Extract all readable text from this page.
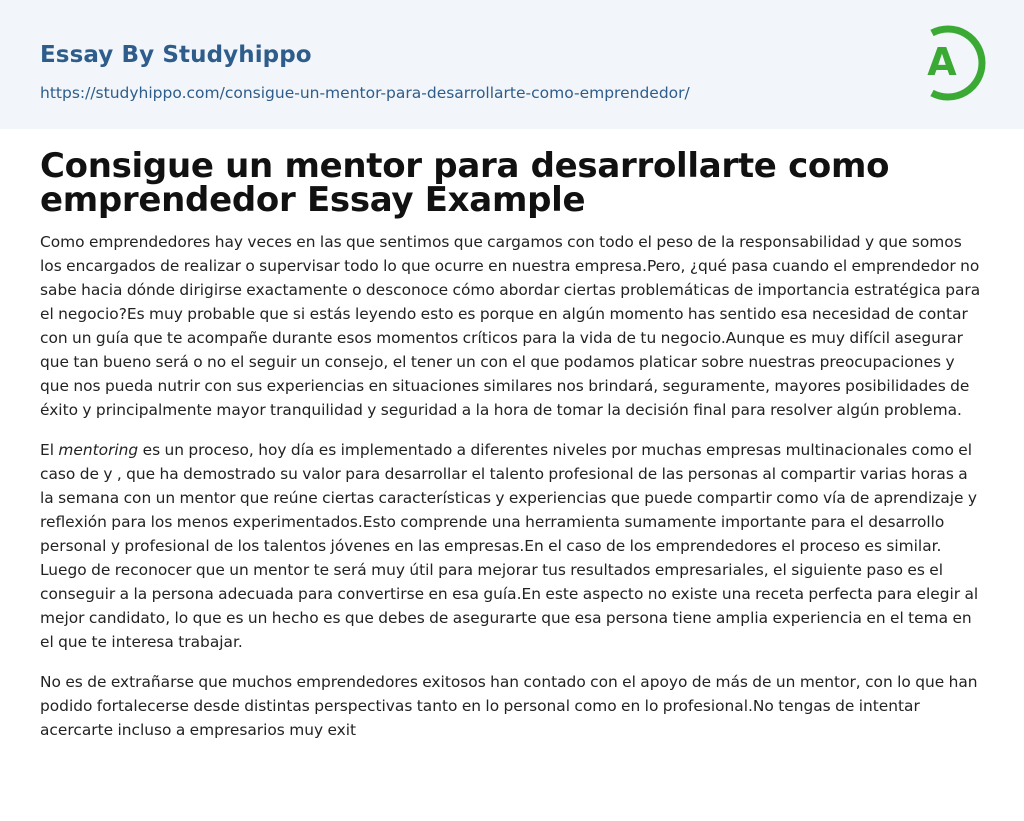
Essay By Studyhippo
https://studyhippo.com/consigue-un-mentor-para-desarrollarte-como-emprendedor/
A
Consigue un mentor para desarrollarte como emprendedor Essay Example

Como emprendedores hay veces en las que sentimos que cargamos con todo el peso de la responsabilidad y que somos los encargados de realizar o supervisar todo lo que ocurre en nuestra empresa.Pero, ¿qué pasa cuando el emprendedor no sabe hacia dónde dirigirse exactamente o desconoce cómo abordar ciertas problemáticas de importancia estratégica para el negocio?Es muy probable que si estás leyendo esto es porque en algún momento has sentido esa necesidad de contar con un guía que te acompañe durante esos momentos críticos para la vida de tu negocio.Aunque es muy difícil asegurar que tan bueno será o no el seguir un consejo, el tener un con el que podamos platicar sobre nuestras preocupaciones y que nos pueda nutrir con sus experiencias en situaciones similares nos brindará, seguramente, mayores posibilidades de éxito y principalmente mayor tranquilidad y seguridad a la hora de tomar la decisión final para resolver algún problema.

El mentoring es un proceso, hoy día es implementado a diferentes niveles por muchas empresas multinacionales como el caso de y , que ha demostrado su valor para desarrollar el talento profesional de las personas al compartir varias horas a la semana con un mentor que reúne ciertas características y experiencias que puede compartir como vía de aprendizaje y reflexión para los menos experimentados.Esto comprende una herramienta sumamente importante para el desarrollo personal y profesional de los talentos jóvenes en las empresas.En el caso de los emprendedores el proceso es similar. Luego de reconocer que un mentor te será muy útil para mejorar tus resultados empresariales, el siguiente paso es el conseguir a la persona adecuada para convertirse en esa guía.En este aspecto no existe una receta perfecta para elegir al mejor candidato, lo que es un hecho es que debes de asegurarte que esa persona tiene amplia experiencia en el tema en el que te interesa trabajar.

No es de extrañarse que muchos emprendedores exitosos han contado con el apoyo de más de un mentor, con lo que han podido fortalecerse desde distintas perspectivas tanto en lo personal como en lo profesional.No tengas de intentar acercarte incluso a empresarios muy exit
